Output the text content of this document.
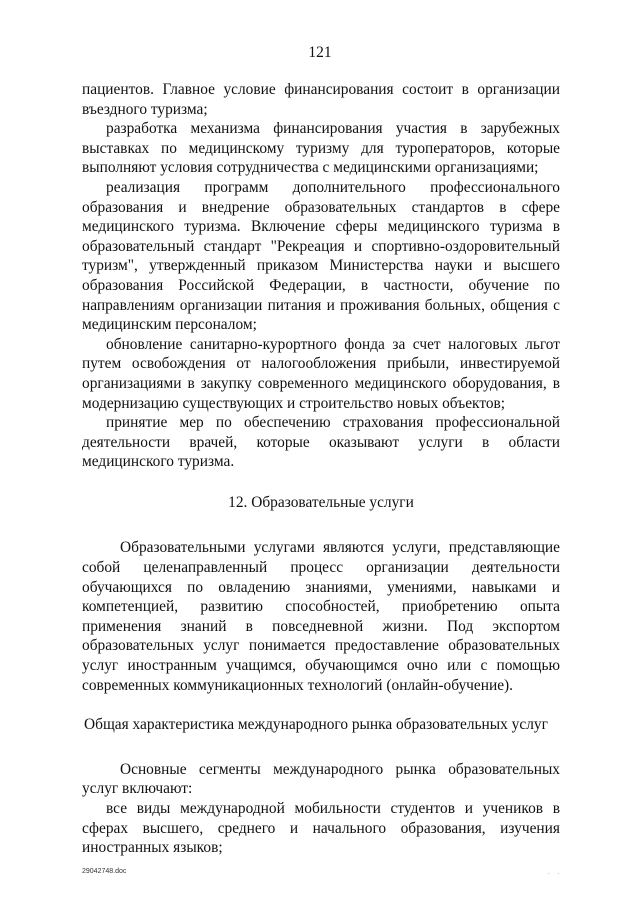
121

пациентов. Главное условие финансирования состоит в организации въездного туризма;

разработка механизма финансирования участия в зарубежных выставках по медицинскому туризму для туроператоров, которые выполняют условия сотрудничества с медицинскими организациями;

реализация программ дополнительного профессионального образования и внедрение образовательных стандартов в сфере медицинского туризма. Включение сферы медицинского туризма в образовательный стандарт "Рекреация и спортивно-оздоровительный туризм", утвержденный приказом Министерства науки и высшего образования Российской Федерации, в частности, обучение по направлениям организации питания и проживания больных, общения с медицинским персоналом;

обновление санитарно-курортного фонда за счет налоговых льгот путем освобождения от налогообложения прибыли, инвестируемой организациями в закупку современного медицинского оборудования, в модернизацию существующих и строительство новых объектов;

принятие мер по обеспечению страхования профессиональной деятельности врачей, которые оказывают услуги в области медицинского туризма.

12. Образовательные услуги

Образовательными услугами являются услуги, представляющие собой целенаправленный процесс организации деятельности обучающихся по овладению знаниями, умениями, навыками и компетенцией, развитию способностей, приобретению опыта применения знаний в повседневной жизни. Под экспортом образовательных услуг понимается предоставление образовательных услуг иностранным учащимся, обучающимся очно или с помощью современных коммуникационных технологий (онлайн-обучение).

Общая характеристика международного рынка образовательных услуг

Основные сегменты международного рынка образовательных услуг включают:

все виды международной мобильности студентов и учеников в сферах высшего, среднего и начального образования, изучения иностранных языков;

29042748.doc	. .
